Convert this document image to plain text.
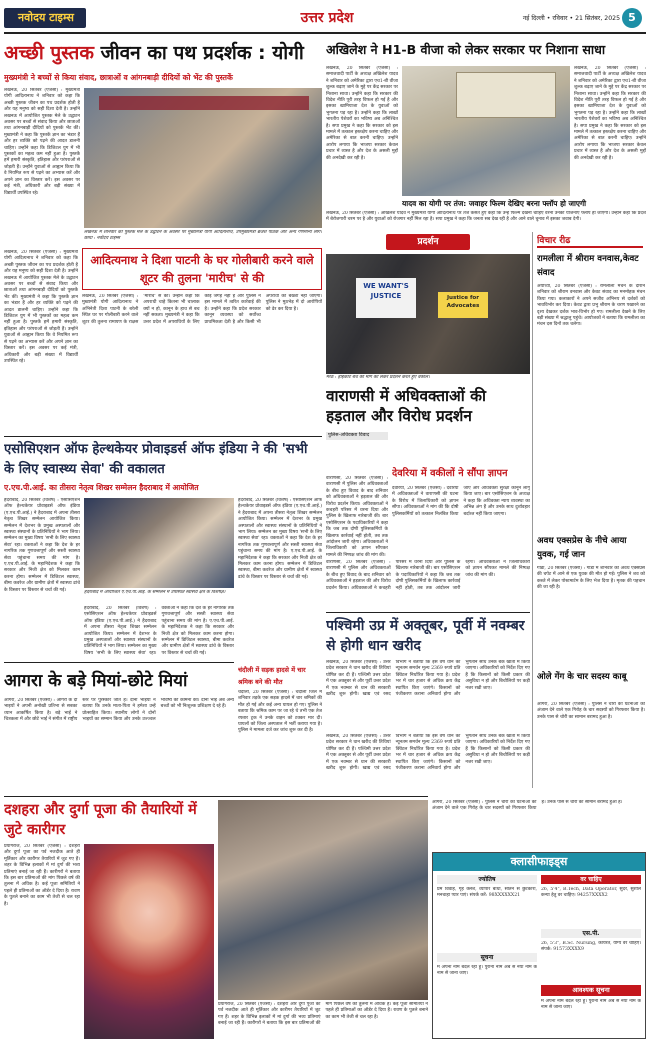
नवोदय टाइम्स	उत्तर प्रदेश	नई दिल्ली • रविवार • 21 सितंबर, 2025 5
अच्छी पुस्तक जीवन का पथ प्रदर्शक : योगी
मुख्यमंत्री ने बच्चों से किया संवाद, छात्राओं व आंगनबाड़ी दीदियों को भेंट की पुस्तकें
लखनऊ, 20 सितंबर (एजेंसी) : मुख्यमंत्री योगी आदित्यनाथ ने शनिवार को कहा कि अच्छी पुस्तक जीवन का पथ प्रदर्शक होती है और यह मनुष्य को सही दिशा देती है। उन्होंने लखनऊ में आयोजित पुस्तक मेले के उद्घाटन अवसर पर बच्चों से संवाद किया और छात्राओं तथा आंगनबाड़ी दीदियों को पुस्तकें भेंट कीं। मुख्यमंत्री ने कहा कि पुस्तकें ज्ञान का भंडार हैं और हर व्यक्ति को पढ़ने की आदत डालनी चाहिए। उन्होंने कहा कि डिजिटल युग में भी पुस्तकों का महत्व कम नहीं हुआ है। पुस्तकें हमें हमारी संस्कृति, इतिहास और परंपराओं से जोड़ती हैं। उन्होंने युवाओं से आह्वान किया कि वे नियमित रूप से पढ़ने का अभ्यास करें और अपने ज्ञान का विस्तार करें। इस अवसर पर कई मंत्री, अधिकारी और बड़ी संख्या में विद्यार्थी उपस्थित रहे।
लखनऊ में शनिवार को पुस्तक मेले के उद्घाटन के अवसर पर मुख्यमंत्री योगी आदित्यनाथ, उपमुख्यमंत्री ब्रजेश पाठक और अन्य गणमान्य लोग। छाया : नवोदय टाइम्स
अखिलेश ने H1-B वीजा को लेकर सरकार पर निशाना साधा
लखनऊ, 20 सितंबर (एजेंसी) : समाजवादी पार्टी के अध्यक्ष अखिलेश यादव ने शनिवार को अमेरिका द्वारा एच1-बी वीजा शुल्क बढ़ाए जाने के मुद्दे पर केंद्र सरकार पर निशाना साधा। उन्होंने कहा कि सरकार की विदेश नीति पूरी तरह विफल हो गई है और इसका खामियाजा देश के युवाओं को भुगतना पड़ रहा है। उन्होंने कहा कि लाखों भारतीय पेशेवरों का भविष्य अब अनिश्चित है। सपा प्रमुख ने कहा कि सरकार को इस मामले में तत्काल हस्तक्षेप करना चाहिए और अमेरिका से बात करनी चाहिए। उन्होंने आरोप लगाया कि भाजपा सरकार केवल प्रचार में व्यस्त है और देश के असली मुद्दों की अनदेखी कर रही है।
लखनऊ, 20 सितंबर (एजेंसी) : समाजवादी पार्टी के अध्यक्ष अखिलेश यादव ने शनिवार को अमेरिका द्वारा एच1-बी वीजा शुल्क बढ़ाए जाने के मुद्दे पर केंद्र सरकार पर निशाना साधा। उन्होंने कहा कि सरकार की विदेश नीति पूरी तरह विफल हो गई है और इसका खामियाजा देश के युवाओं को भुगतना पड़ रहा है। उन्होंने कहा कि लाखों भारतीय पेशेवरों का भविष्य अब अनिश्चित है। सपा प्रमुख ने कहा कि सरकार को इस मामले में तत्काल हस्तक्षेप करना चाहिए और अमेरिका से बात करनी चाहिए। उन्होंने आरोप लगाया कि भाजपा सरकार केवल प्रचार में व्यस्त है और देश के असली मुद्दों की अनदेखी कर रही है।
यादव का योगी पर तंज: जवाहर फिल्म देखिए बरना फ्लॉप हो जाएगी
लखनऊ, 20 सितंबर (एजेंसी) : अखिलेश यादव ने मुख्यमंत्री योगी आदित्यनाथ पर तंज कसते हुए कहा कि उन्हें फिल्म देखनी चाहिए वरना उनकी योजनाएं फ्लॉप हो जाएंगी। उन्होंने कहा कि प्रदेश में बेरोजगारी चरम पर है और युवाओं को रोजगार नहीं मिल रहा है। सपा प्रमुख ने कहा कि जनता सब देख रही है और आने वाले चुनाव में इसका जवाब देगी।
आदित्यनाथ ने दिशा पाटनी के घर गोलीबारी करने वाले शूटर की तुलना 'मारीच' से की
लखनऊ, 20 सितंबर (एजेंसी) : मुख्यमंत्री योगी आदित्यनाथ ने अभिनेत्री दिशा पाटनी के बरेली स्थित घर पर गोलीबारी करने वाले शूटर की तुलना रामायण के राक्षस 'मारीच' से की। उन्होंने कहा कि अपराधी चाहे कितना भी चालाक क्यों न हो, कानून के हाथ से बच नहीं सकता। मुख्यमंत्री ने कहा कि उत्तर प्रदेश में अपराधियों के लिए कोई जगह नहीं है और पुलिस ने इस मामले में त्वरित कार्रवाई की है। उन्होंने कहा कि प्रदेश सरकार कानून व्यवस्था को सर्वोच्च प्राथमिकता देती है और किसी भी अपराधी को बख्शा नहीं जाएगा। पुलिस ने मुठभेड़ में दो आरोपियों को ढेर कर दिया है।
लखनऊ, 20 सितंबर (एजेंसी) : मुख्यमंत्री योगी आदित्यनाथ ने शनिवार को कहा कि अच्छी पुस्तक जीवन का पथ प्रदर्शक होती है और यह मनुष्य को सही दिशा देती है। उन्होंने लखनऊ में आयोजित पुस्तक मेले के उद्घाटन अवसर पर बच्चों से संवाद किया और छात्राओं तथा आंगनबाड़ी दीदियों को पुस्तकें भेंट कीं। मुख्यमंत्री ने कहा कि पुस्तकें ज्ञान का भंडार हैं और हर व्यक्ति को पढ़ने की आदत डालनी चाहिए। उन्होंने कहा कि डिजिटल युग में भी पुस्तकों का महत्व कम नहीं हुआ है। पुस्तकें हमें हमारी संस्कृति, इतिहास और परंपराओं से जोड़ती हैं। उन्होंने युवाओं से आह्वान किया कि वे नियमित रूप से पढ़ने का अभ्यास करें और अपने ज्ञान का विस्तार करें। इस अवसर पर कई मंत्री, अधिकारी और बड़ी संख्या में विद्यार्थी उपस्थित रहे।
प्रदर्शन
WE WANT'S JUSTICE	Justice for Advocates
मेरठ : हाईकोर्ट बेंच की मांग को लेकर प्रदर्शन करते हुए वकील।
वाराणसी में अधिवक्ताओं की हड़ताल और विरोध प्रदर्शन
पुलिस-अधिवक्ता विवाद
विचार रीढ
रामलीला में श्रीराम वनवास,केवट संवाद
अयोध्या, 20 सितंबर (एजेंसी) : रामलीला मंचन के दौरान शनिवार को श्रीराम वनवास और केवट संवाद का मनमोहक मंचन किया गया। कलाकारों ने अपने सजीव अभिनय से दर्शकों को भावविभोर कर दिया। केवट द्वारा प्रभु श्रीराम के चरण पखारने का दृश्य देखकर दर्शक भाव-विभोर हो गए। रामलीला देखने के लिए बड़ी संख्या में श्रद्धालु पहुंचे। आयोजकों ने बताया कि रामलीला का मंचन दस दिनों तक चलेगा।
अवध एक्सप्रेस के नीचे आया युवक, गई जान
गोंडा, 20 सितंबर (एजेंसी) : गोंडा में शनिवार को अवध एक्सप्रेस की चपेट में आने से एक युवक की मौत हो गई। पुलिस ने शव को कब्जे में लेकर पोस्टमार्टम के लिए भेज दिया है। मृतक की पहचान की जा रही है।
ओले गेंग के चार सदस्य काबू
आगरा, 20 सितंबर (एजेंसी) : पुलिस ने चोरी की घटनाओं को अंजाम देने वाले एक गिरोह के चार सदस्यों को गिरफ्तार किया है। उनके पास से चोरी का सामान बरामद हुआ है।
एसोसिएशन ऑफ हेल्थकेयर प्रोवाइडर्स ऑफ इंडिया ने की 'सभी के लिए स्वास्थ्य सेवा' की वकालत
ए.एच.पी.आई. का तीसरा नेतृत्व शिखर सम्मेलन हैदराबाद में आयोजित
हैदराबाद, 20 सितंबर (विशेष) : एसोसिएशन ऑफ हेल्थकेयर प्रोवाइडर्स ऑफ इंडिया (ए.एच.पी.आई.) ने हैदराबाद में अपना तीसरा नेतृत्व शिखर सम्मेलन आयोजित किया। सम्मेलन में देशभर के प्रमुख अस्पतालों और स्वास्थ्य संस्थानों के प्रतिनिधियों ने भाग लिया। सम्मेलन का मुख्य विषय 'सभी के लिए स्वास्थ्य सेवा' रहा। वक्ताओं ने कहा कि देश के हर नागरिक तक गुणवत्तापूर्ण और सस्ती स्वास्थ्य सेवा पहुंचाना समय की मांग है। ए.एच.पी.आई. के महानिदेशक ने कहा कि सरकार और निजी क्षेत्र को मिलकर काम करना होगा। सम्मेलन में डिजिटल स्वास्थ्य, बीमा कवरेज और ग्रामीण क्षेत्रों में स्वास्थ्य ढांचे के विस्तार पर विस्तार से चर्चा की गई।	हैदराबाद में आयोजित ए.एच.पी.आई. के सम्मेलन में उपस्थित स्वास्थ्य क्षेत्र के विशेषज्ञ।
हैदराबाद, 20 सितंबर (विशेष) : एसोसिएशन ऑफ हेल्थकेयर प्रोवाइडर्स ऑफ इंडिया (ए.एच.पी.आई.) ने हैदराबाद में अपना तीसरा नेतृत्व शिखर सम्मेलन आयोजित किया। सम्मेलन में देशभर के प्रमुख अस्पतालों और स्वास्थ्य संस्थानों के प्रतिनिधियों ने भाग लिया। सम्मेलन का मुख्य विषय 'सभी के लिए स्वास्थ्य सेवा' रहा। वक्ताओं ने कहा कि देश के हर नागरिक तक गुणवत्तापूर्ण और सस्ती स्वास्थ्य सेवा पहुंचाना समय की मांग है। ए.एच.पी.आई. के महानिदेशक ने कहा कि सरकार और निजी क्षेत्र को मिलकर काम करना होगा। सम्मेलन में डिजिटल स्वास्थ्य, बीमा कवरेज और ग्रामीण क्षेत्रों में स्वास्थ्य ढांचे के विस्तार पर विस्तार से चर्चा की गई।
हैदराबाद, 20 सितंबर (विशेष) : एसोसिएशन ऑफ हेल्थकेयर प्रोवाइडर्स ऑफ इंडिया (ए.एच.पी.आई.) ने हैदराबाद में अपना तीसरा नेतृत्व शिखर सम्मेलन आयोजित किया। सम्मेलन में देशभर के प्रमुख अस्पतालों और स्वास्थ्य संस्थानों के प्रतिनिधियों ने भाग लिया। सम्मेलन का मुख्य विषय 'सभी के लिए स्वास्थ्य सेवा' रहा। वक्ताओं ने कहा कि देश के हर नागरिक तक गुणवत्तापूर्ण और सस्ती स्वास्थ्य सेवा पहुंचाना समय की मांग है। ए.एच.पी.आई. के महानिदेशक ने कहा कि सरकार और निजी क्षेत्र को मिलकर काम करना होगा। सम्मेलन में डिजिटल स्वास्थ्य, बीमा कवरेज और ग्रामीण क्षेत्रों में स्वास्थ्य ढांचे के विस्तार पर विस्तार से चर्चा की गई।
देवरिया में वकीलों ने सौंपा ज्ञापन
वाराणसी, 20 सितंबर (एजेंसी) : वाराणसी में पुलिस और अधिवक्ताओं के बीच हुए विवाद के बाद शनिवार को अधिवक्ताओं ने हड़ताल की और विरोध प्रदर्शन किया। अधिवक्ताओं ने कचहरी परिसर में धरना दिया और पुलिस के खिलाफ नारेबाजी की। बार एसोसिएशन के पदाधिकारियों ने कहा कि जब तक दोषी पुलिसकर्मियों के खिलाफ कार्रवाई नहीं होती, तब तक आंदोलन जारी रहेगा। अधिवक्ताओं ने जिलाधिकारी को ज्ञापन सौंपकर मामले की निष्पक्ष जांच की मांग की।
देवरिया, 20 सितंबर (एजेंसी) : देवरिया में अधिवक्ताओं ने वाराणसी की घटना के विरोध में जिलाधिकारी को ज्ञापन सौंपा। अधिवक्ताओं ने मांग की कि दोषी पुलिसकर्मियों को तत्काल निलंबित किया जाए और अधिवक्ता सुरक्षा कानून लागू किया जाए। बार एसोसिएशन के अध्यक्ष ने कहा कि अधिवक्ता न्याय व्यवस्था का अभिन्न अंग हैं और उनके साथ दुर्व्यवहार बर्दाश्त नहीं किया जाएगा।
वाराणसी, 20 सितंबर (एजेंसी) : वाराणसी में पुलिस और अधिवक्ताओं के बीच हुए विवाद के बाद शनिवार को अधिवक्ताओं ने हड़ताल की और विरोध प्रदर्शन किया। अधिवक्ताओं ने कचहरी परिसर में धरना दिया और पुलिस के खिलाफ नारेबाजी की। बार एसोसिएशन के पदाधिकारियों ने कहा कि जब तक दोषी पुलिसकर्मियों के खिलाफ कार्रवाई नहीं होती, तब तक आंदोलन जारी रहेगा। अधिवक्ताओं ने जिलाधिकारी को ज्ञापन सौंपकर मामले की निष्पक्ष जांच की मांग की।
पश्चिमी उप्र में अक्तूबर, पूर्वी में नवम्बर से होगी धान खरीद
लखनऊ, 20 सितंबर (एजेंसी) : उत्तर प्रदेश सरकार ने धान खरीद की तिथियां घोषित कर दी हैं। पश्चिमी उत्तर प्रदेश में एक अक्तूबर से और पूर्वी उत्तर प्रदेश में एक नवम्बर से धान की सरकारी खरीद शुरू होगी। खाद्य एवं रसद विभाग ने बताया कि इस वर्ष धान का न्यूनतम समर्थन मूल्य 2369 रुपये प्रति क्विंटल निर्धारित किया गया है। प्रदेश भर में चार हजार से अधिक क्रय केंद्र स्थापित किए जाएंगे। किसानों को पंजीकरण कराना अनिवार्य होगा और भुगतान सीधे उनके बैंक खातों में किया जाएगा। अधिकारियों को निर्देश दिए गए हैं कि किसानों को किसी प्रकार की असुविधा न हो और बिचौलियों पर कड़ी नजर रखी जाए।
आगरा के बड़े मियां-छोटे मियां
आगरा, 20 सितंबर (एजेंसी) : आगरा के दो भाइयों ने अपनी अनोखी प्रतिभा से सबका ध्यान आकर्षित किया है। बड़े भाई ने चित्रकला में और छोटे भाई ने संगीत में राष्ट्रीय स्तर पर पुरस्कार जीते हैं। दोनों भाइयों ने बताया कि उनके माता-पिता ने हमेशा उन्हें प्रोत्साहित किया। स्थानीय लोगों ने दोनों भाइयों का सम्मान किया और उनके उज्ज्वल भविष्य की कामना की। दोनों भाई अब अन्य बच्चों को भी निःशुल्क प्रशिक्षण दे रहे हैं।
चंदौली में सड़क हादसे में चार श्रमिक बने की मौत
चंदौली, 20 सितंबर (एजेंसी) : चंदौली जिले में शनिवार तड़के एक सड़क हादसे में चार श्रमिकों की मौत हो गई और कई अन्य घायल हो गए। पुलिस ने बताया कि श्रमिक काम पर जा रहे थे तभी एक तेज रफ्तार ट्रक ने उनके वाहन को टक्कर मार दी। घायलों को जिला अस्पताल में भर्ती कराया गया है। पुलिस ने मामला दर्ज कर जांच शुरू कर दी है।
लखनऊ, 20 सितंबर (एजेंसी) : उत्तर प्रदेश सरकार ने धान खरीद की तिथियां घोषित कर दी हैं। पश्चिमी उत्तर प्रदेश में एक अक्तूबर से और पूर्वी उत्तर प्रदेश में एक नवम्बर से धान की सरकारी खरीद शुरू होगी। खाद्य एवं रसद विभाग ने बताया कि इस वर्ष धान का न्यूनतम समर्थन मूल्य 2369 रुपये प्रति क्विंटल निर्धारित किया गया है। प्रदेश भर में चार हजार से अधिक क्रय केंद्र स्थापित किए जाएंगे। किसानों को पंजीकरण कराना अनिवार्य होगा और भुगतान सीधे उनके बैंक खातों में किया जाएगा। अधिकारियों को निर्देश दिए गए हैं कि किसानों को किसी प्रकार की असुविधा न हो और बिचौलियों पर कड़ी नजर रखी जाए।
दशहरा और दुर्गा पूजा की तैयारियों में जुटे कारीगर
प्रयागराज, 20 सितंबर (एजेंसी) : दशहरा और दुर्गा पूजा का पर्व नजदीक आते ही मूर्तिकार और कारीगर तैयारियों में जुट गए हैं। शहर के विभिन्न इलाकों में मां दुर्गा की भव्य प्रतिमाएं बनाई जा रही हैं। कारीगरों ने बताया कि इस बार प्रतिमाओं की मांग पिछले वर्ष की तुलना में अधिक है। कई पूजा समितियों ने पहले ही प्रतिमाओं का ऑर्डर दे दिया है। रावण के पुतले बनाने का काम भी तेजी से चल रहा है।
प्रयागराज, 20 सितंबर (एजेंसी) : दशहरा और दुर्गा पूजा का पर्व नजदीक आते ही मूर्तिकार और कारीगर तैयारियों में जुट गए हैं। शहर के विभिन्न इलाकों में मां दुर्गा की भव्य प्रतिमाएं बनाई जा रही हैं। कारीगरों ने बताया कि इस बार प्रतिमाओं की मांग पिछले वर्ष की तुलना में अधिक है। कई पूजा समितियों ने पहले ही प्रतिमाओं का ऑर्डर दे दिया है। रावण के पुतले बनाने का काम भी तेजी से चल रहा है।
क्लासीफाइड्स
ज्योतिष	वर चाहिए
प्रेम विवाह, गृह क्लेश, व्यापार बाधा, सौतन से छुटकारा, मनचाहा प्यार पाएं। संपर्क करें: 98XXXXXX21
26, 5'4", B.Tech, Data Operator, सुंदर, सुशील कन्या हेतु वर चाहिए। 94257XXXX2
एस.पी.
26, 5'3", B.Sc. Nursing, कार्यरत, योग्य वर चाहिए। संपर्क: 91573XXXX9
सूचना
मैं अपना नाम बदल रहा हूं। पुराना नाम अब से नया नाम के नाम से जाना जाए।
आवश्यक सूचना
मैं अपना नाम बदल रहा हूं। पुराना नाम अब से नया नाम के नाम से जाना जाए।
आगरा, 20 सितंबर (एजेंसी) : पुलिस ने चोरी की घटनाओं को अंजाम देने वाले एक गिरोह के चार सदस्यों को गिरफ्तार किया है। उनके पास से चोरी का सामान बरामद हुआ है।
